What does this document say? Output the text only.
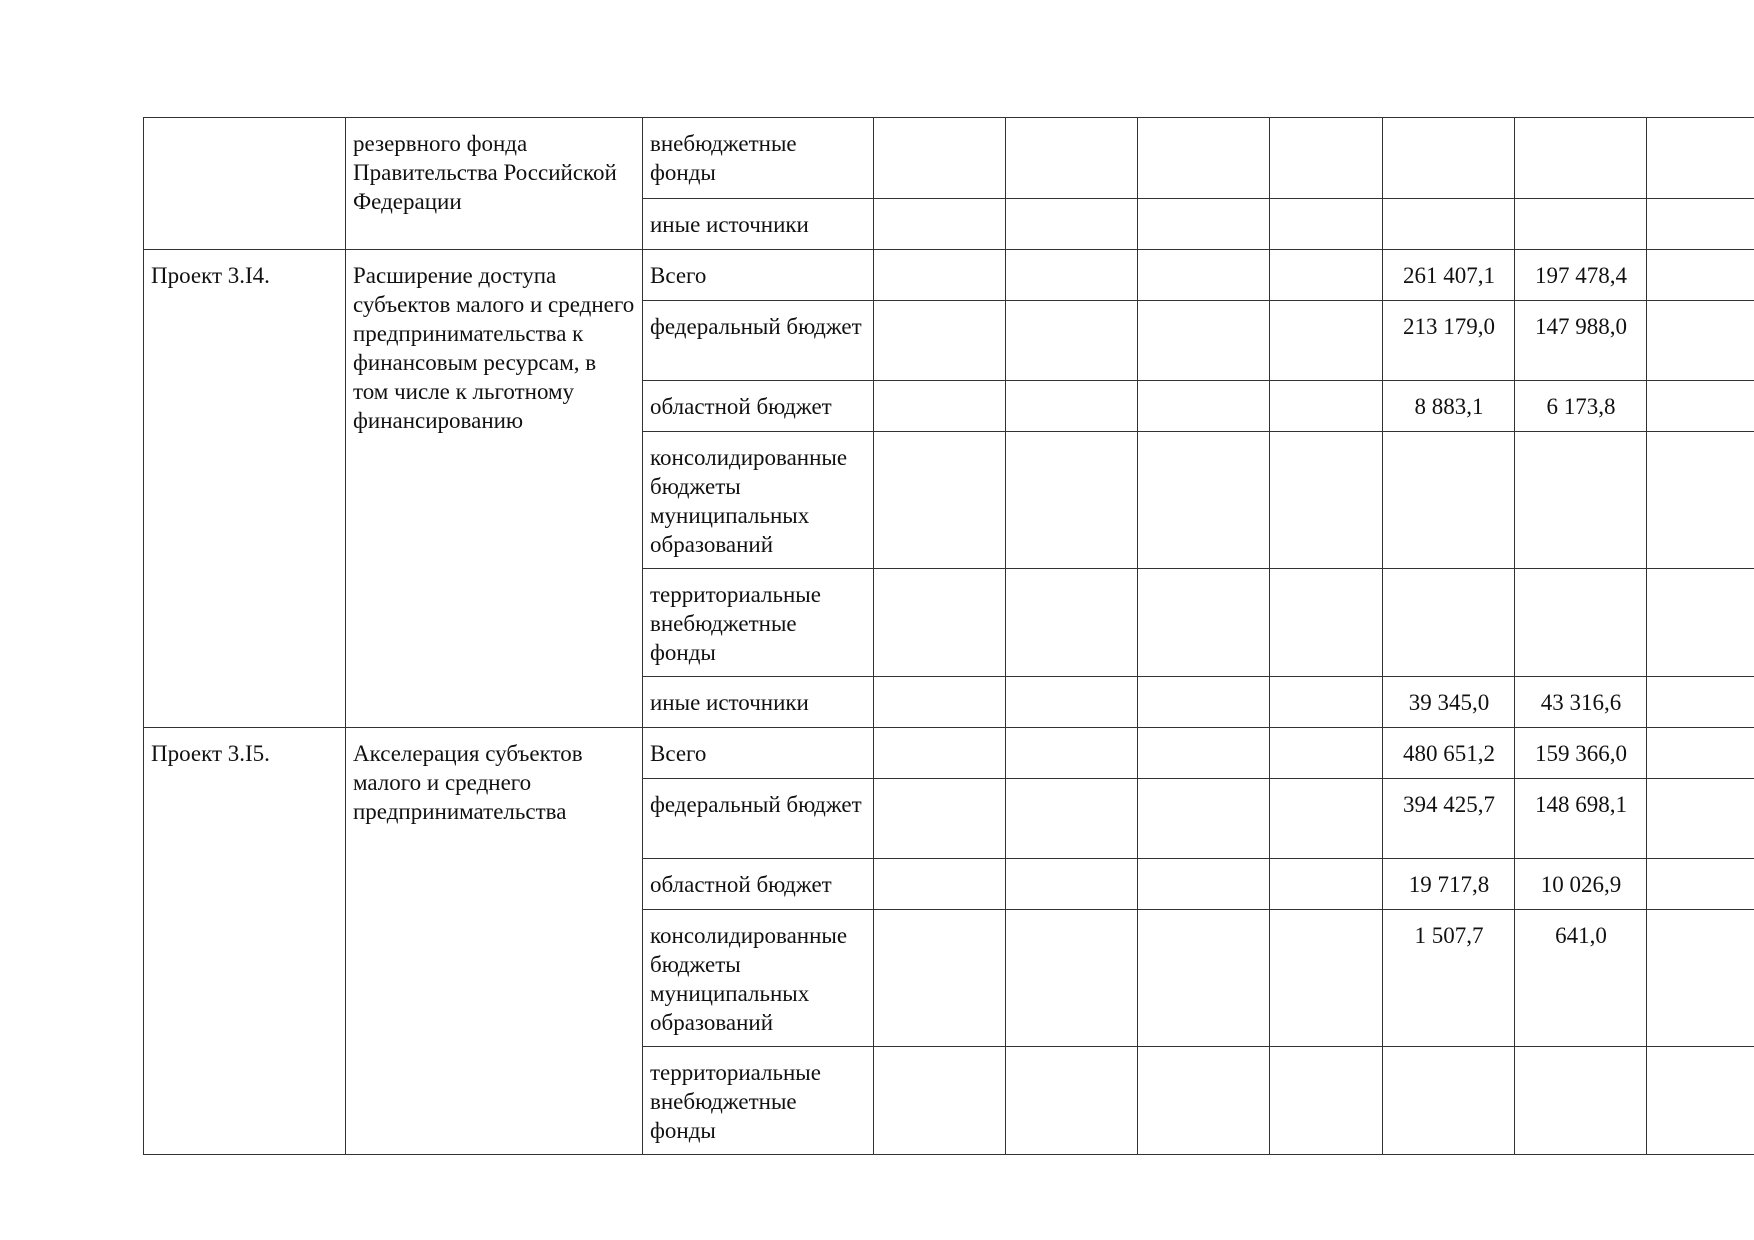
	резервного фонда Правительства Российской Федерации	внебюджетные фонды							
		иные источники							
Проект 3.I4.	Расширение доступа субъектов малого и среднего предпринимательства к финансовым ресурсам, в том числе к льготному финансированию	Всего					261 407,1	197 478,4	
		федеральный бюджет					213 179,0	147 988,0	
		областной бюджет					8 883,1	6 173,8	
		консолидированные бюджеты муниципальных образований							
		территориальные внебюджетные фонды							
		иные источники					39 345,0	43 316,6	
Проект 3.I5.	Акселерация субъектов малого и среднего предпринимательства	Всего					480 651,2	159 366,0	
		федеральный бюджет					394 425,7	148 698,1	
		областной бюджет					19 717,8	10 026,9	
		консолидированные бюджеты муниципальных образований					1 507,7	641,0	
		территориальные внебюджетные фонды							
